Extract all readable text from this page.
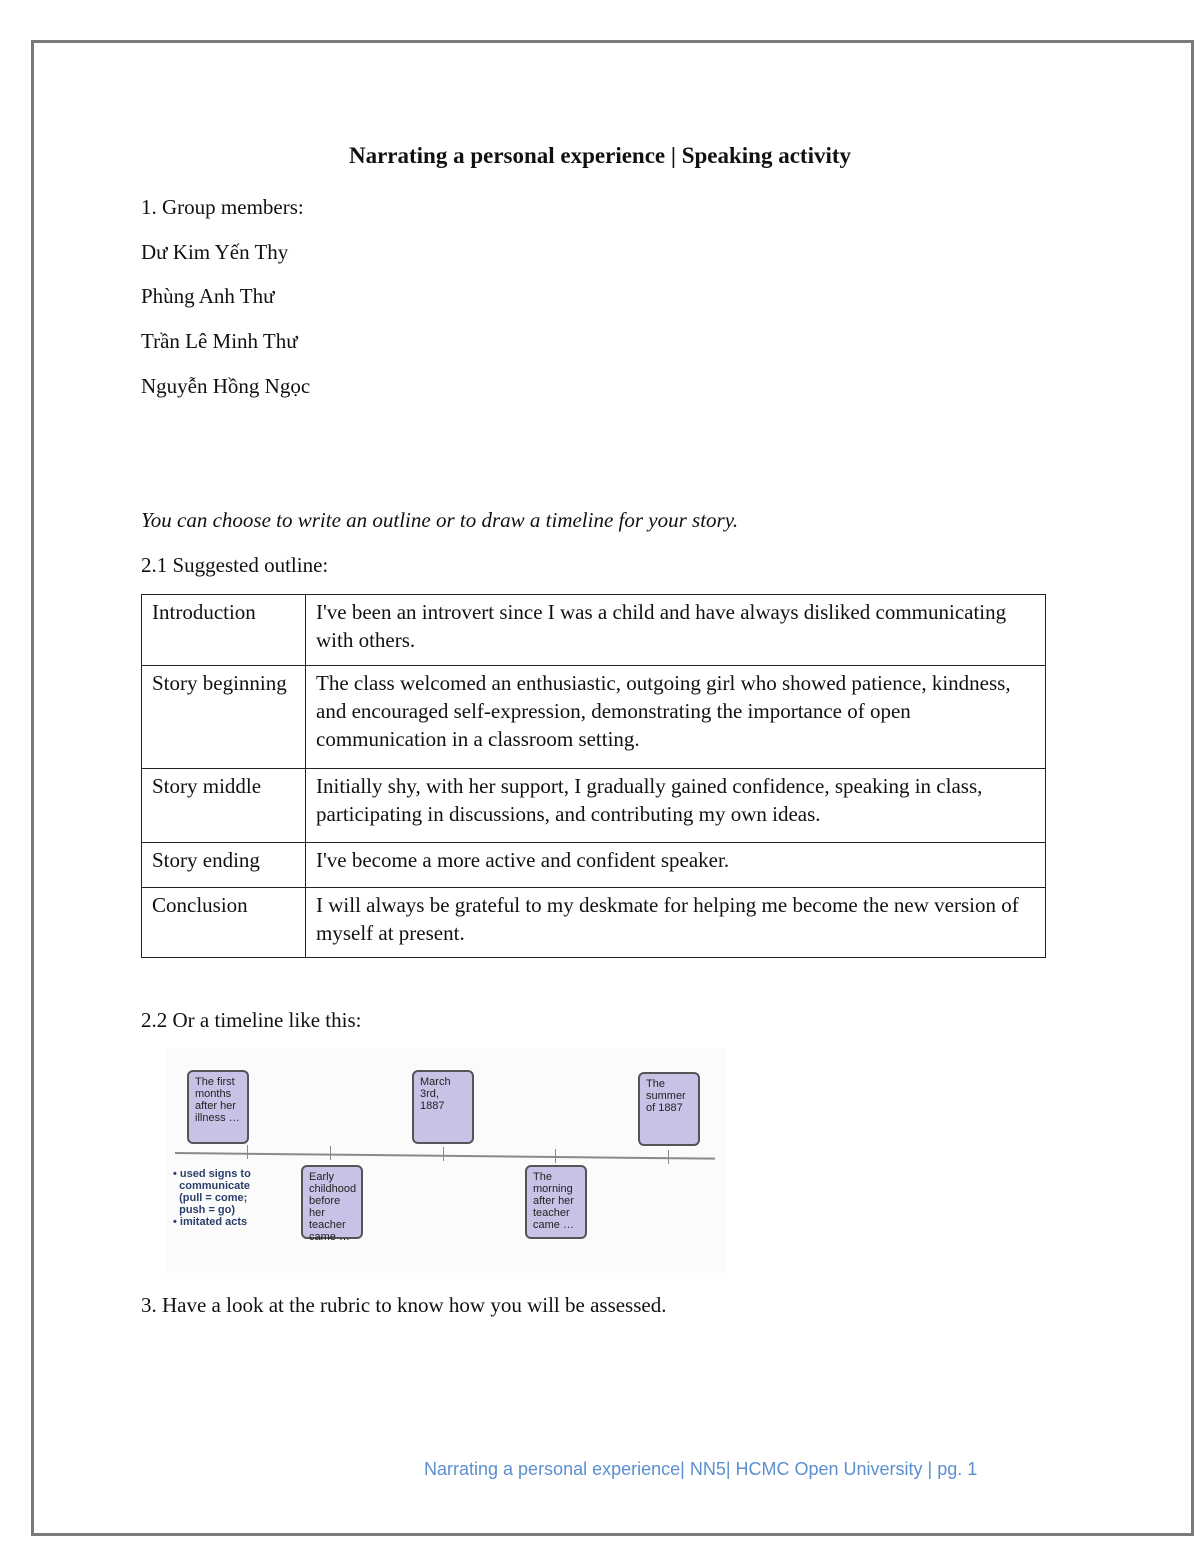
Narrating a personal experience | Speaking activity
1. Group members:
Dư Kim Yến Thy
Phùng Anh Thư
Trần Lê Minh Thư
Nguyễn Hồng Ngọc
You can choose to write an outline or to draw a timeline for your story.
2.1 Suggested outline:
Introduction	I've been an introvert since I was a child and have always disliked communicating with others.
Story beginning	The class welcomed an enthusiastic, outgoing girl who showed patience, kindness, and encouraged self-expression, demonstrating the importance of open communication in a classroom setting.
Story middle	Initially shy, with her support, I gradually gained confidence, speaking in class, participating in discussions, and contributing my own ideas.
Story ending	I've become a more active and confident speaker.
Conclusion	I will always be grateful to my deskmate for helping me become the new version of myself at present.
2.2 Or a timeline like this:
The first months after her illness …
Early childhood before her teacher came …
March 3rd, 1887
The morning after her teacher came …
The summer of 1887
• used signs to
communicate
(pull = come;
push = go)
• imitated acts
3. Have a look at the rubric to know how you will be assessed.
Narrating a personal experience| NN5| HCMC Open University | pg. 1
